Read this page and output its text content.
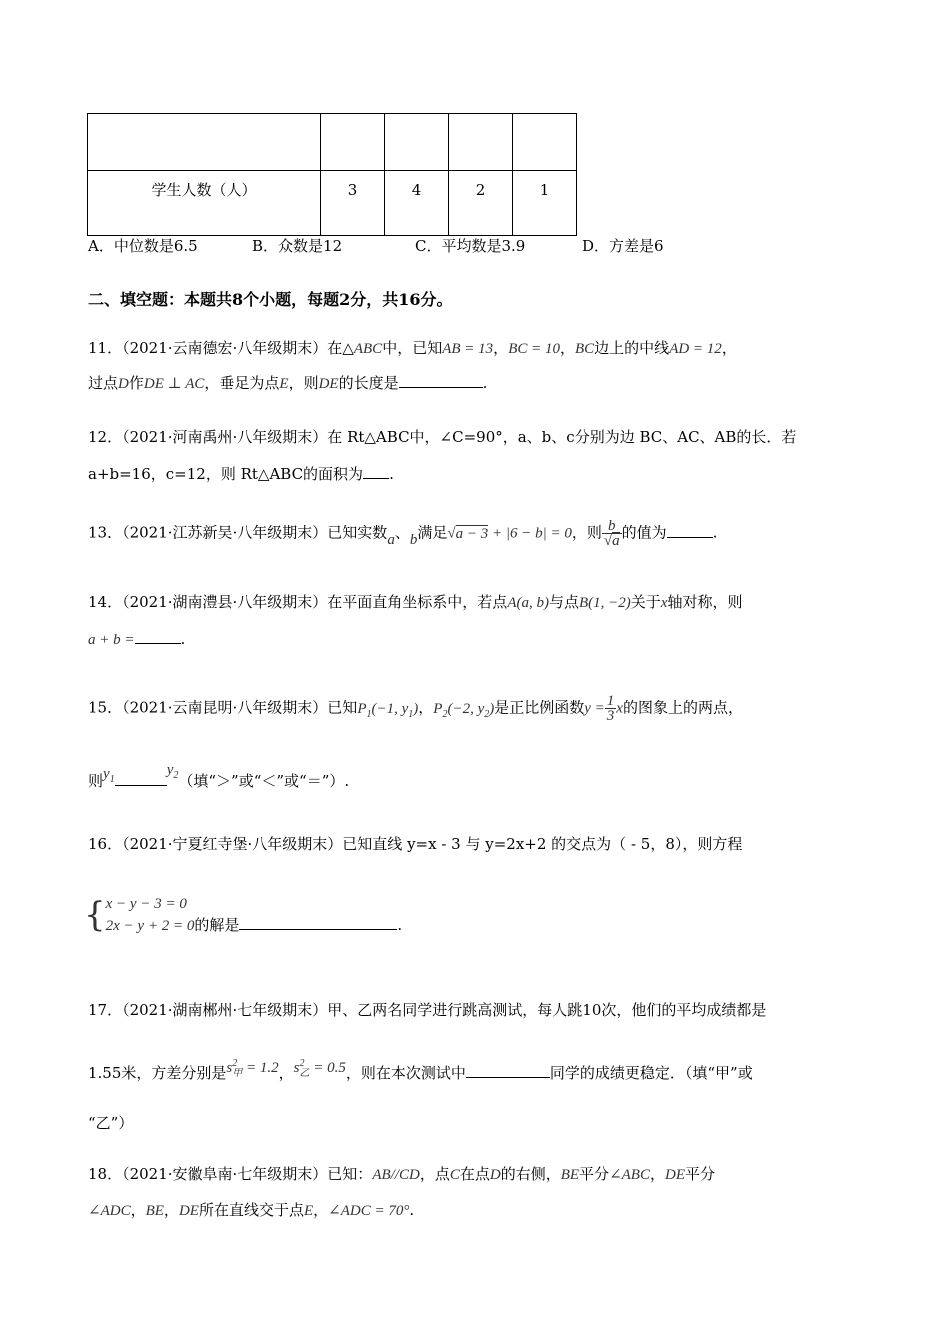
学生人数（人）	3	4	2	1
A．中位数是6.5	B．众数是12	C．平均数是3.9	D．方差是6
二、填空题：本题共8个小题，每题2分，共16分。
11．（2021·云南德宏·八年级期末）在△ABC中，已知AB = 13，BC = 10，BC边上的中线AD = 12，
过点D作DE ⊥ AC，垂足为点E，则DE的长度是	.
12．（2021·河南禹州·八年级期末）在 Rt△ABC中，∠C=90°，a、b、c分别为边 BC、AC、AB的长．若
a+b=16，c=12，则 Rt△ABC的面积为 .
13．（2021·江苏新吴·八年级期末）已知实数a、b满足√a − 3 + |6 − b| = 0，则 $\frac{b}{√a}$ 的值为	.
14．（2021·湖南澧县·八年级期末）在平面直角坐标系中，若点A(a, b)与点B(1, −2)关于x轴对称，则
a + b =	.
15．（2021·云南昆明·八年级期末）已知$P_1(-1$, $y_1$)，$P_2(-2$, $y_2$)是正比例函数$y = \frac{1}{3}$ x的图象上的两点，
则$y_1y_2$（填“＞”或“＜”或“＝”）.
16．（2021·宁夏红寺堡·八年级期末）已知直线 y=x - 3 与 y=2x+2 的交点为（ - 5，8），则方程
{ x − y − 3 = 0
2x − y + 2 = 0 的解是	.
17．（2021·湖南郴州·七年级期末）甲、乙两名同学进行跳高测试，每人跳10次，他们的平均成绩都是
1.55米，方差分别是$s^2_甲 = 1.2$，$s^2_乙 = 0.5$，则在本次测试中	同学的成绩更稳定．（填“甲”或
“乙”）
18．（2021·安徽阜南·七年级期末）已知：AB//CD，点C在点D的右侧，BE平分∠ABC，DE平分
∠ADC，BE，DE所在直线交于点E，∠ADC = 70°.
